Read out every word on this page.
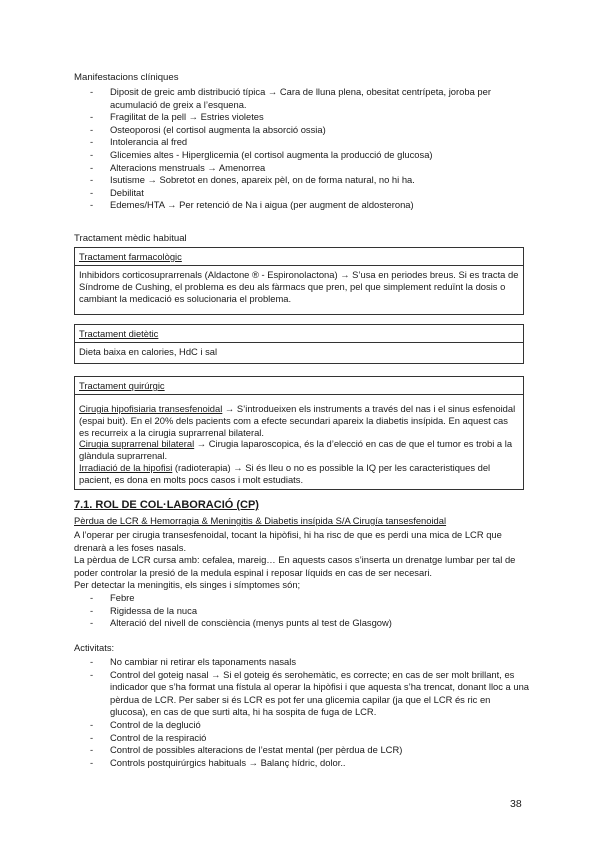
Manifestacions clíniques
- Diposit de greic amb distribució típica → Cara de lluna plena, obesitat centrípeta, joroba per acumulació de greix a l’esquena.
- Fragilitat de la pell → Estries violetes
- Osteoporosi (el cortisol augmenta la absorció ossia)
- Intolerancia al fred
- Glicemies altes - Hiperglicemia (el cortisol augmenta la producció de glucosa)
- Alteracions menstruals → Amenorrea
- Isutisme → Sobretot en dones, apareix pèl, on de forma natural, no hi ha.
- Debilitat
- Edemes/HTA → Per retenció de Na i aigua (per augment de aldosterona)
Tractament mèdic habitual
Tractament farmacològic

Inhibidors corticosuprarrenals (Aldactone ® - Espironolactona) → S’usa en periodes breus. Si es tracta de Síndrome de Cushing, el problema es deu als fàrmacs que pren, pel que simplement reduïnt la dosis o cambiant la medicació es solucionaria el problema.

Tractament dietètic

Dieta baixa en calories, HdC i sal

Tractament quirúrgic

Cirugia hipofisiaria transesfenoidal → S’introdueixen els instruments a través del nas i el sinus esfenoidal (espai buit). En el 20% dels pacients com a efecte secundari apareix la diabetis insípida. En aquest cas es recurreix a la cirugia suprarrenal bilateral.

Cirugia suprarrenal bilateral → Cirugia laparoscopica, és la d’elecció en cas de que el tumor es trobi a la glàndula suprarrenal.

Irradiació de la hipofisi (radioterapia) → Si és lleu o no es possible la IQ per les caracteristiques del pacient, es dona en molts pocs casos i molt estudiats.

7.1. ROL DE COL·LABORACIÓ (CP)
Pèrdua de LCR & Hemorragia & Meningitis & Diabetis insípida S/A Cirugía tansesfenoidal

A l’operar per cirugia transesfenoidal, tocant la hipòfisi, hi ha risc de que es perdi una mica de LCR que drenarà a les foses nasals.

La pèrdua de LCR cursa amb: cefalea, mareig… En aquests casos s’inserta un drenatge lumbar per tal de poder controlar la presió de la medula espinal i reposar líquids en cas de ser necesari.

Per detectar la meningitis, els singes i símptomes són;

- Febre
- Rigidessa de la nuca
- Alteració del nivell de consciència (menys punts al test de Glasgow)

Activitats:

- No cambiar ni retirar els taponaments nasals
- Control del goteig nasal → Si el goteig és serohemàtic, es correcte; en cas de ser molt brillant, es indicador que s’ha format una fístula al operar la hipòfisi i que aquesta s’ha trencat, donant lloc a una pèrdua de LCR. Per saber si és LCR es pot fer una glicemia capilar (ja que el LCR és ric en glucosa), en cas de que surti alta, hi ha sospita de fuga de LCR.
- Control de la deglució
- Control de la respiració
- Control de possibles alteracions de l’estat mental (per pèrdua de LCR)
- Controls postquirúrgics habituals → Balanç hídric, dolor..
38
